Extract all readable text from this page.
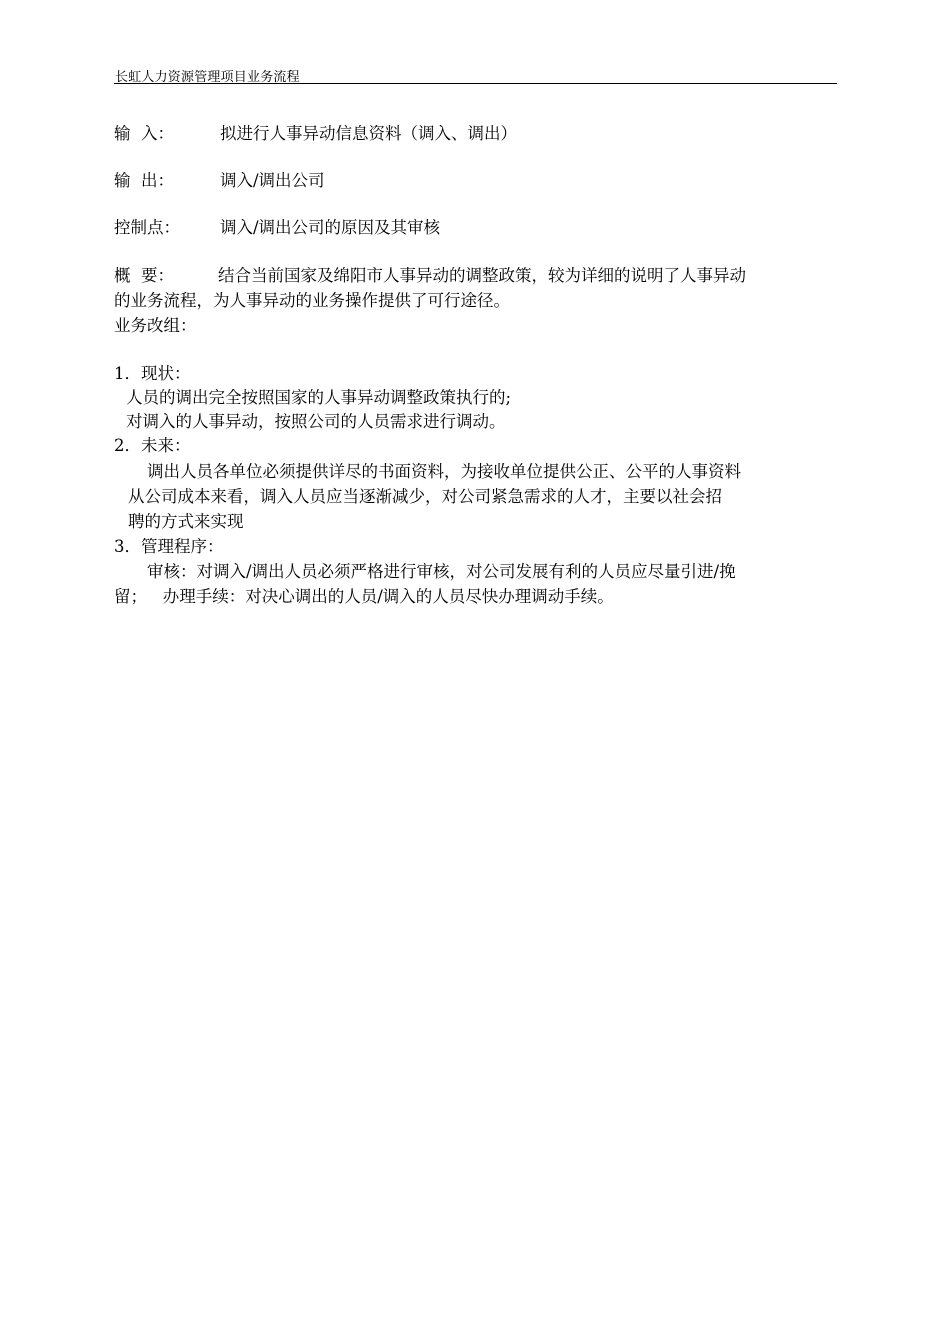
长虹人力资源管理项目业务流程
输  入：	拟进行人事异动信息资料（调入、调出）
输  出：	调入/调出公司
控制点： 调入/调出公司的原因及其审核
概  要：	结合当前国家及绵阳市人事异动的调整政策，较为详细的说明了人事异动
的业务流程，为人事异动的业务操作提供了可行途径。
业务改组：
1．现状：
人员的调出完全按照国家的人事异动调整政策执行的;
对调入的人事异动，按照公司的人员需求进行调动。
2．未来：
调出人员各单位必须提供详尽的书面资料，为接收单位提供公正、公平的人事资料
从公司成本来看，调入人员应当逐渐减少，对公司紧急需求的人才，主要以社会招
聘的方式来实现
3．管理程序：
审核：对调入/调出人员必须严格进行审核，对公司发展有利的人员应尽量引进/挽
留；   办理手续：对决心调出的人员/调入的人员尽快办理调动手续。
